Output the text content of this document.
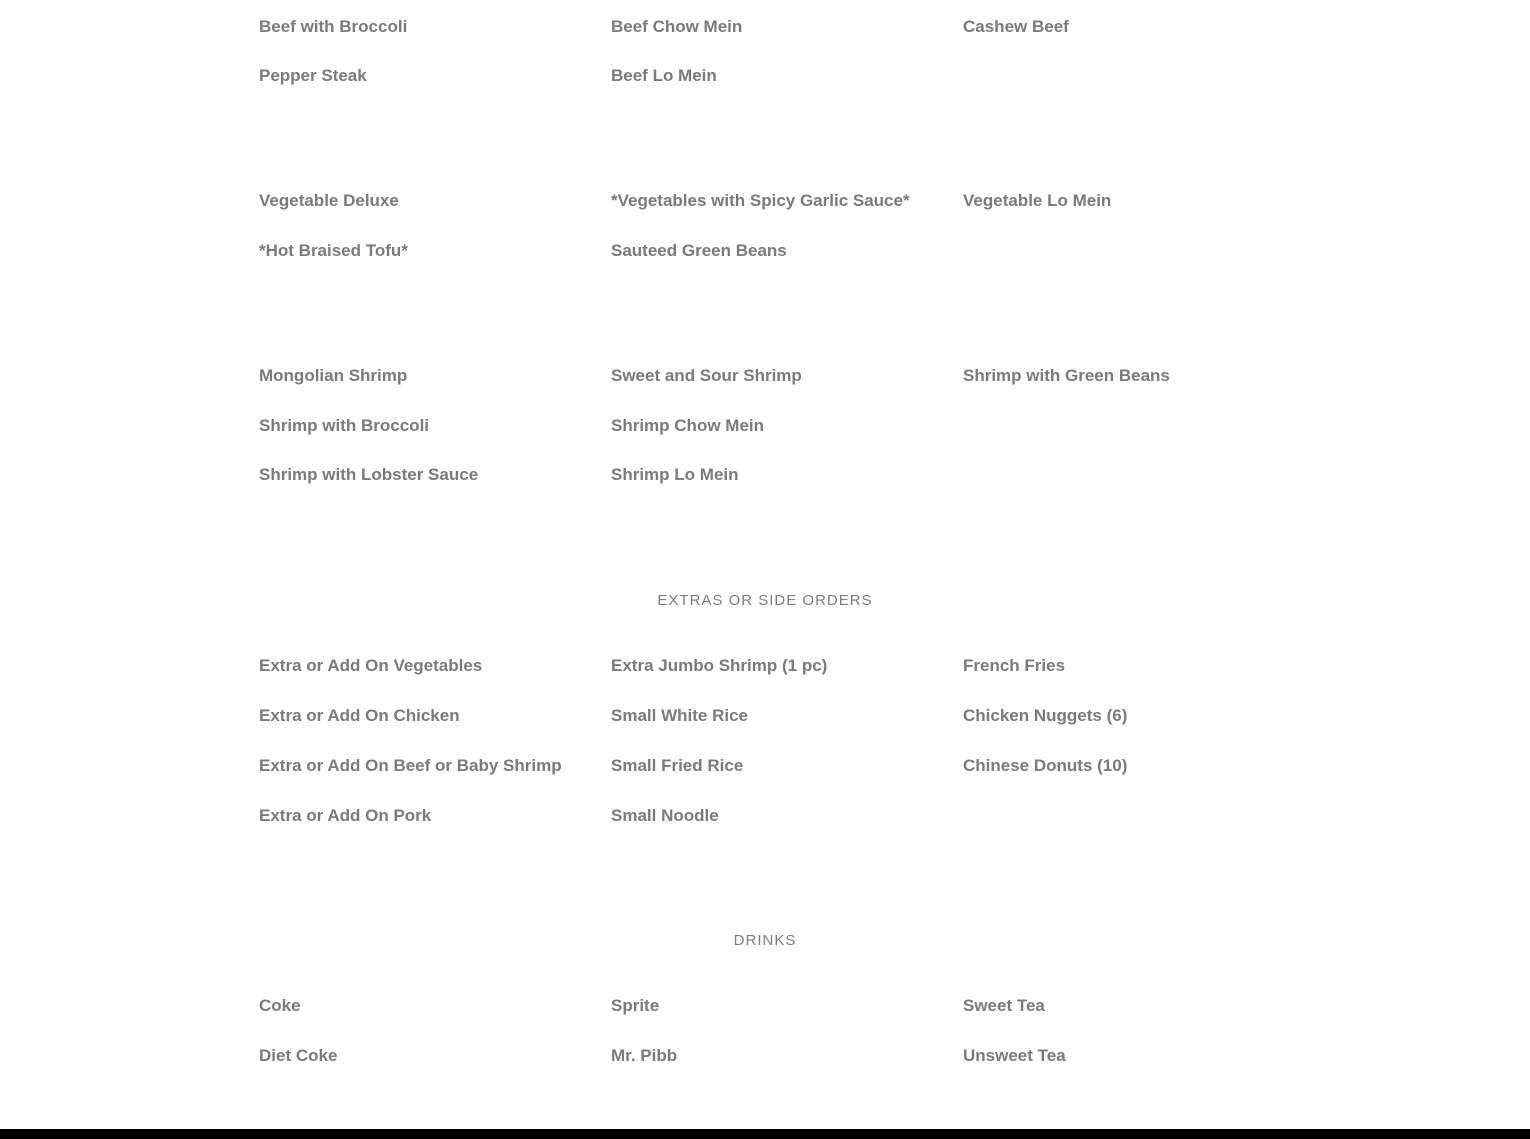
Beef with Broccoli	Beef Chow Mein	Cashew Beef
Pepper Steak	Beef Lo Mein
Vegetable Deluxe	*Vegetables with Spicy Garlic Sauce*	Vegetable Lo Mein
*Hot Braised Tofu*	Sauteed Green Beans
Mongolian Shrimp	Sweet and Sour Shrimp	Shrimp with Green Beans
Shrimp with Broccoli	Shrimp Chow Mein
Shrimp with Lobster Sauce	Shrimp Lo Mein
EXTRAS OR SIDE ORDERS
Extra or Add On Vegetables	Extra Jumbo Shrimp (1 pc)	French Fries
Extra or Add On Chicken	Small White Rice	Chicken Nuggets (6)
Extra or Add On Beef or Baby Shrimp	Small Fried Rice	Chinese Donuts (10)
Extra or Add On Pork	Small Noodle
DRINKS
Coke	Sprite	Sweet Tea
Diet Coke	Mr. Pibb	Unsweet Tea
